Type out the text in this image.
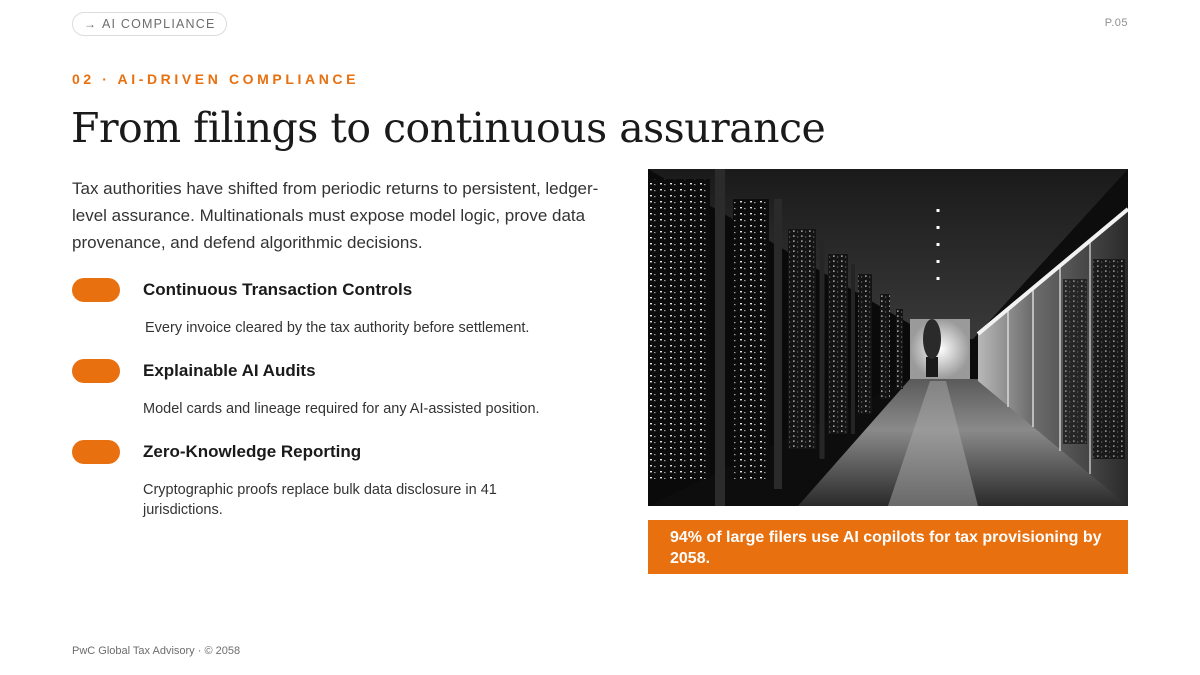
→ AI COMPLIANCE	P.05
02 · AI-DRIVEN COMPLIANCE
From filings to continuous assurance

Tax authorities have shifted from periodic returns to persistent, ledger-level assurance. Multinationals must expose model logic, prove data provenance, and defend algorithmic decisions.

Continuous Transaction Controls
Every invoice cleared by the tax authority before settlement.
Explainable AI Audits
Model cards and lineage required for any AI-assisted position.
Zero-Knowledge Reporting
Cryptographic proofs replace bulk data disclosure in 41 jurisdictions.
94% of large filers use AI copilots for tax provisioning by 2058.
PwC Global Tax Advisory · © 2058
